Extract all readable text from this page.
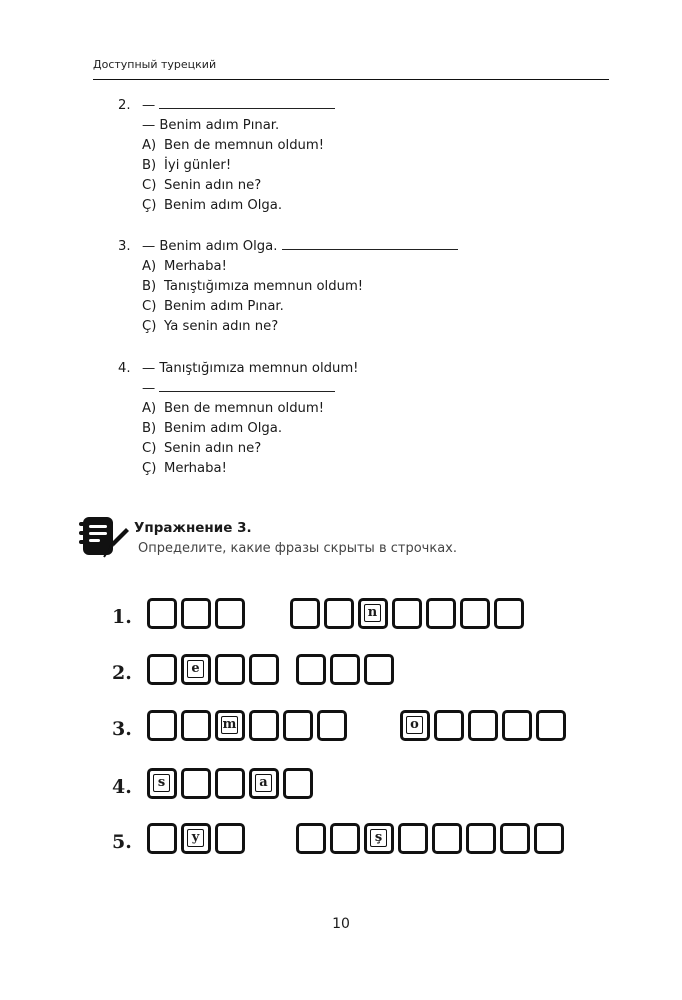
Доступный турецкий
2. —
— Benim adım Pınar.
A) Ben de memnun oldum!
B) İyi günler!
C) Senin adın ne?
Ç) Benim adım Olga.
3. — Benim adım Olga.
A) Merhaba!
B) Tanıştığımıza memnun oldum!
C) Benim adım Pınar.
Ç) Ya senin adın ne?
4. — Tanıştığımıza memnun oldum!
—
A) Ben de memnun oldum!
B) Benim adım Olga.
C) Senin adın ne?
Ç) Merhaba!
Упражнение 3.
Определите, какие фразы скрыты в строчках.
1.	n
2.	e
3.	m	o
4.	s	a
5.	y	ş
10
